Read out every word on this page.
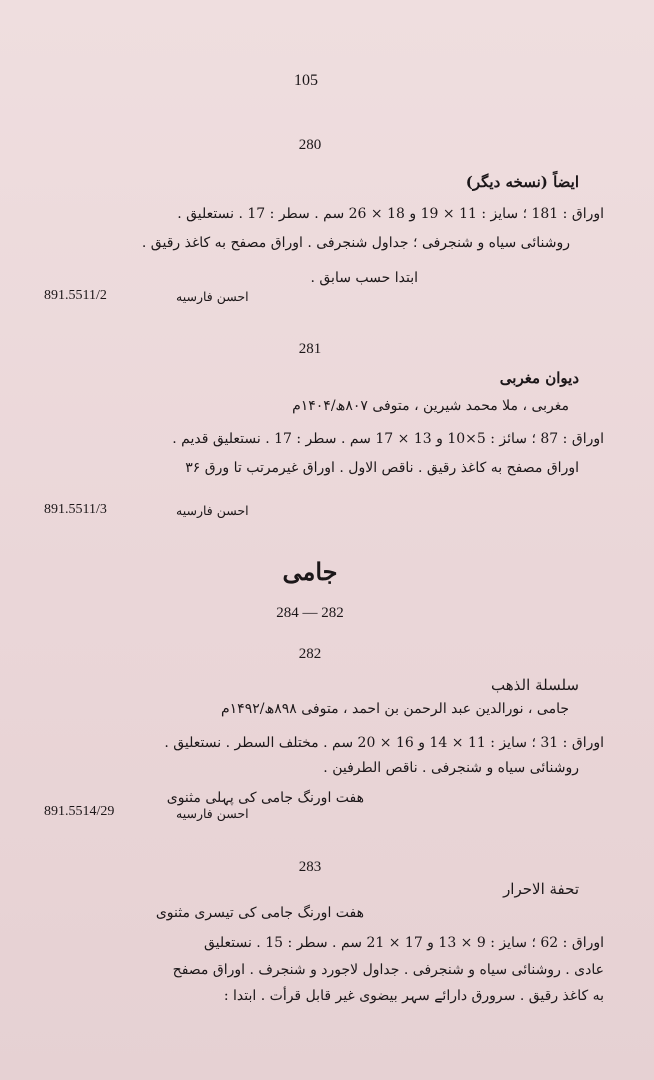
105
280
ایضاً (نسخه دیگر)
اوراق : 181 ؛ سایز : 11 × 19 و 18 × 26 سم . سطر : 17 . نستعلیق .
روشنائی سیاه و شنجرفی ؛ جداول شنجرفی . اوراق مصفح به کاغذ رقیق .
ابتدا حسب سابق .
احسن فارسیه
891.5511/2
281
دیوان مغربی
مغربی ، ملا محمد شیرین ، متوفی ۸۰۷ھ/۱۴۰۴م
اوراق : 87 ؛ سائز : 5×10 و 13 × 17 سم . سطر : 17 . نستعلیق قدیم .
اوراق مصفح به کاغذ رقیق . ناقص الاول . اوراق غیرمرتب تا ورق ۳۶
احسن فارسیه
891.5511/3
جامی
284 — 282
282
سلسلة الذهب
جامی ، نورالدین عبد الرحمن بن احمد ، متوفی ۸۹۸ھ/۱۴۹۲م
اوراق : 31 ؛ سایز : 11 × 14 و 16 × 20 سم . مختلف السطر . نستعلیق .
روشنائی سیاه و شنجرفی . ناقص الطرفین .
هفت اورنگ جامی کی پہلی مثنوی
احسن فارسیه
891.5514/29
283
تحفة الاحرار
هفت اورنگ جامی کی تیسری مثنوی
اوراق : 62 ؛ سایز : 9 × 13 و 17 × 21 سم . سطر : 15 . نستعلیق
عادی . روشنائی سیاه و شنجرفی . جداول لاجورد و شنجرف . اوراق مصفح
به کاغذ رقیق . سرورق دارائے سہر بیضوی غیر قابل قرأت . ابتدا :
